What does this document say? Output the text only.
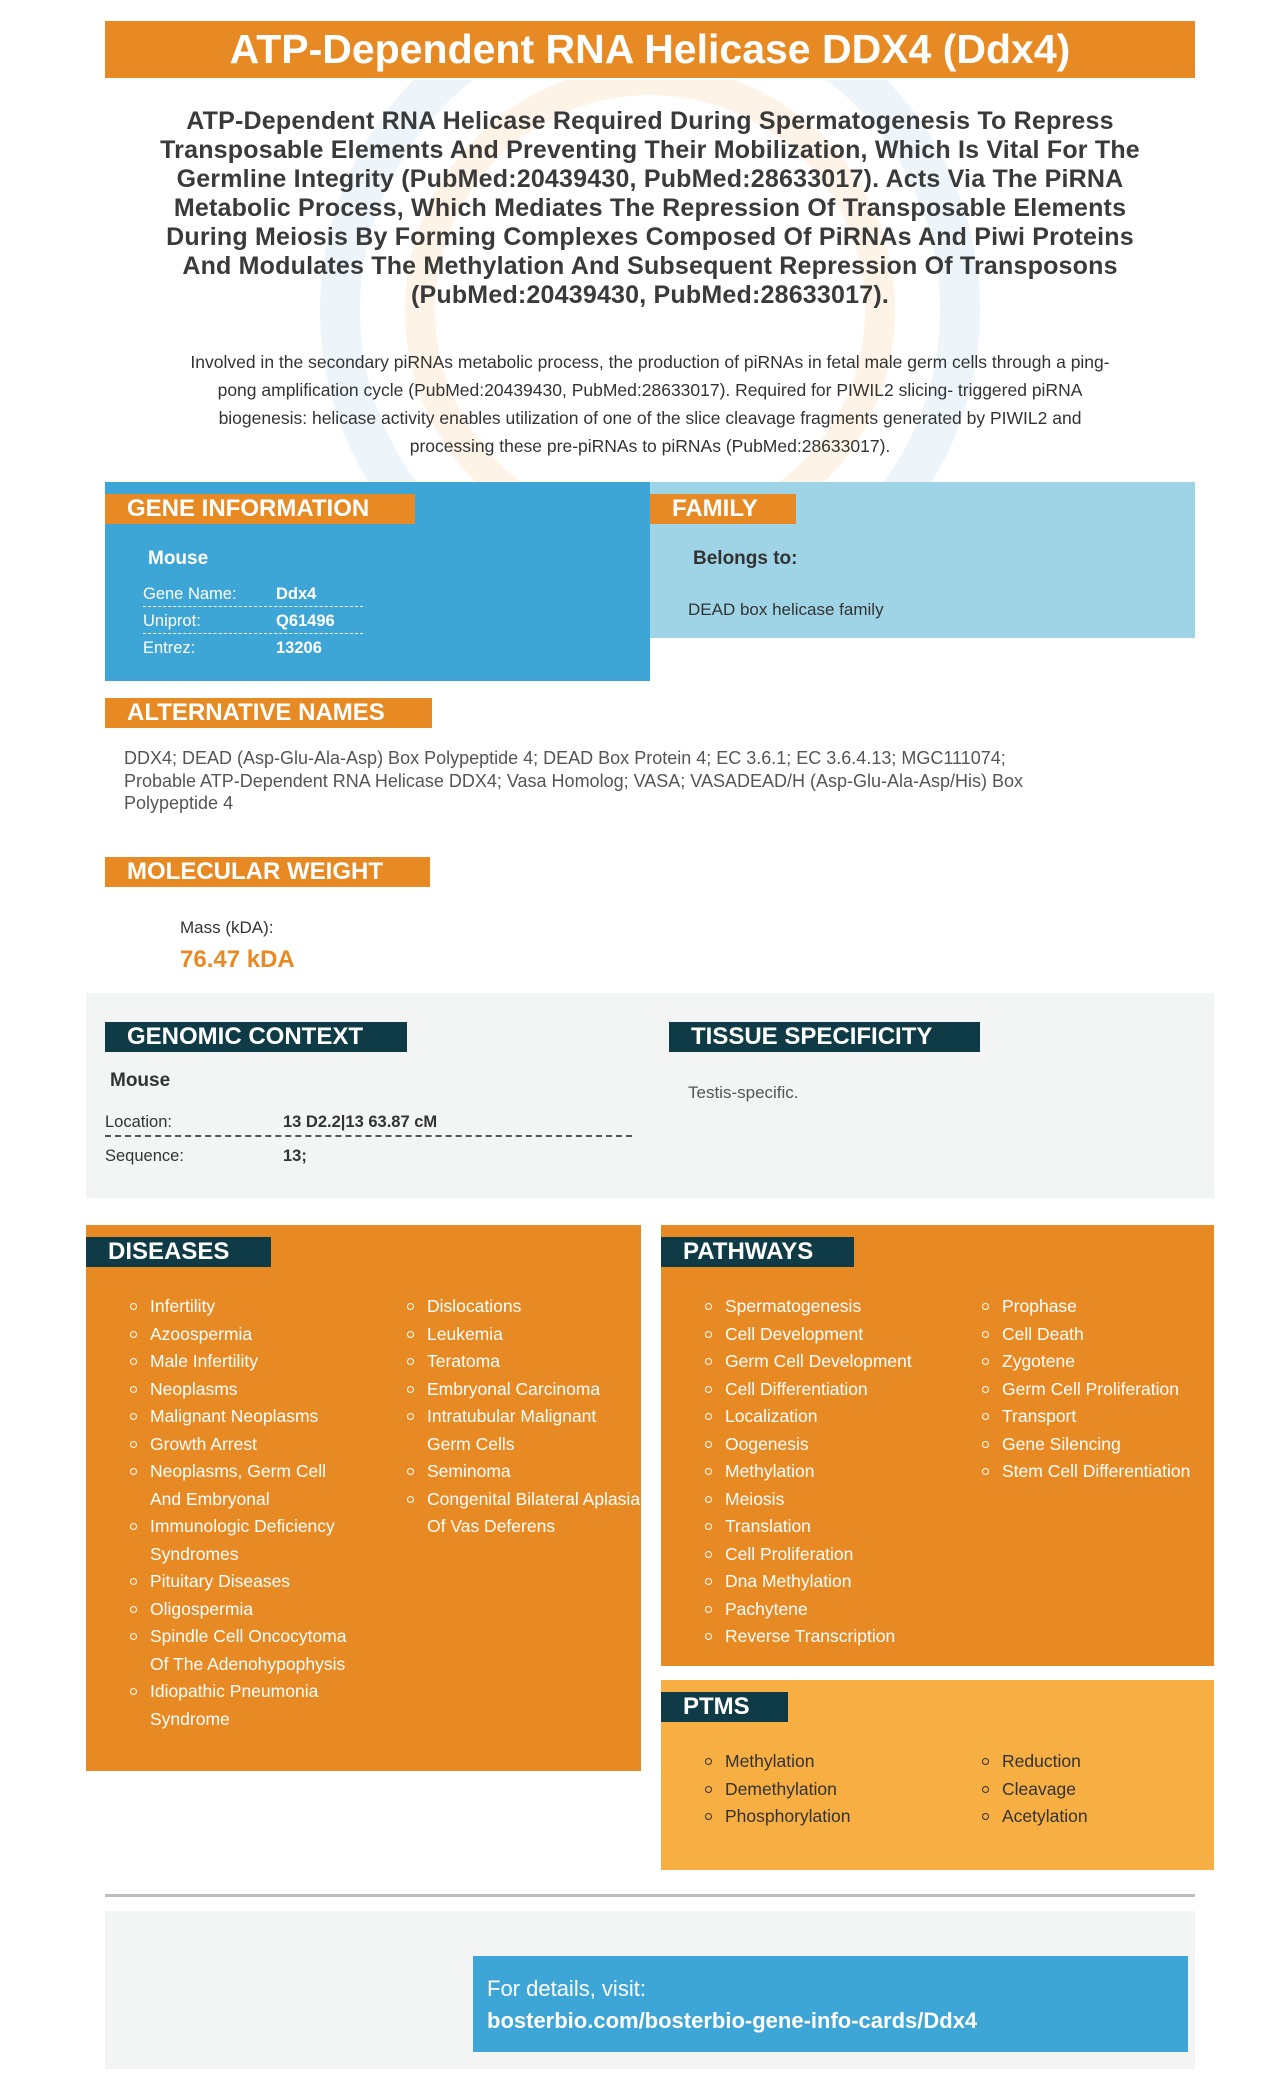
ATP-Dependent RNA Helicase DDX4 (Ddx4)
ATP-Dependent RNA Helicase Required During Spermatogenesis To Repress
Transposable Elements And Preventing Their Mobilization, Which Is Vital For The
Germline Integrity (PubMed:20439430, PubMed:28633017). Acts Via The PiRNA
Metabolic Process, Which Mediates The Repression Of Transposable Elements
During Meiosis By Forming Complexes Composed Of PiRNAs And Piwi Proteins
And Modulates The Methylation And Subsequent Repression Of Transposons
(PubMed:20439430, PubMed:28633017).
Involved in the secondary piRNAs metabolic process, the production of piRNAs in fetal male germ cells through a ping-
pong amplification cycle (PubMed:20439430, PubMed:28633017). Required for PIWIL2 slicing- triggered piRNA
biogenesis: helicase activity enables utilization of one of the slice cleavage fragments generated by PIWIL2 and
processing these pre-piRNAs to piRNAs (PubMed:28633017).
GENE INFORMATION
Mouse
Gene Name:	Ddx4
Uniprot:	Q61496
Entrez:	13206
FAMILY
Belongs to:
DEAD box helicase family
ALTERNATIVE NAMES
DDX4; DEAD (Asp-Glu-Ala-Asp) Box Polypeptide 4; DEAD Box Protein 4; EC 3.6.1; EC 3.6.4.13; MGC111074;
Probable ATP-Dependent RNA Helicase DDX4; Vasa Homolog; VASA; VASADEAD/H (Asp-Glu-Ala-Asp/His) Box
Polypeptide 4
MOLECULAR WEIGHT
Mass (kDA):
76.47 kDA
GENOMIC CONTEXT
Mouse
Location:	13 D2.2|13 63.87 cM
Sequence:	13;
TISSUE SPECIFICITY
Testis-specific.
DISEASES
Infertility
Azoospermia
Male Infertility
Neoplasms
Malignant Neoplasms
Growth Arrest
Neoplasms, Germ Cell And Embryonal
Immunologic Deficiency Syndromes
Pituitary Diseases
Oligospermia
Spindle Cell Oncocytoma Of The Adenohypophysis
Idiopathic Pneumonia Syndrome
Dislocations
Leukemia
Teratoma
Embryonal Carcinoma
Intratubular Malignant Germ Cells
Seminoma
Congenital Bilateral Aplasia Of Vas Deferens
PATHWAYS
Spermatogenesis
Cell Development
Germ Cell Development
Cell Differentiation
Localization
Oogenesis
Methylation
Meiosis
Translation
Cell Proliferation
Dna Methylation
Pachytene
Reverse Transcription
Prophase
Cell Death
Zygotene
Germ Cell Proliferation
Transport
Gene Silencing
Stem Cell Differentiation
PTMS
Methylation
Demethylation
Phosphorylation
Reduction
Cleavage
Acetylation
For details, visit:
bosterbio.com/bosterbio-gene-info-cards/Ddx4
